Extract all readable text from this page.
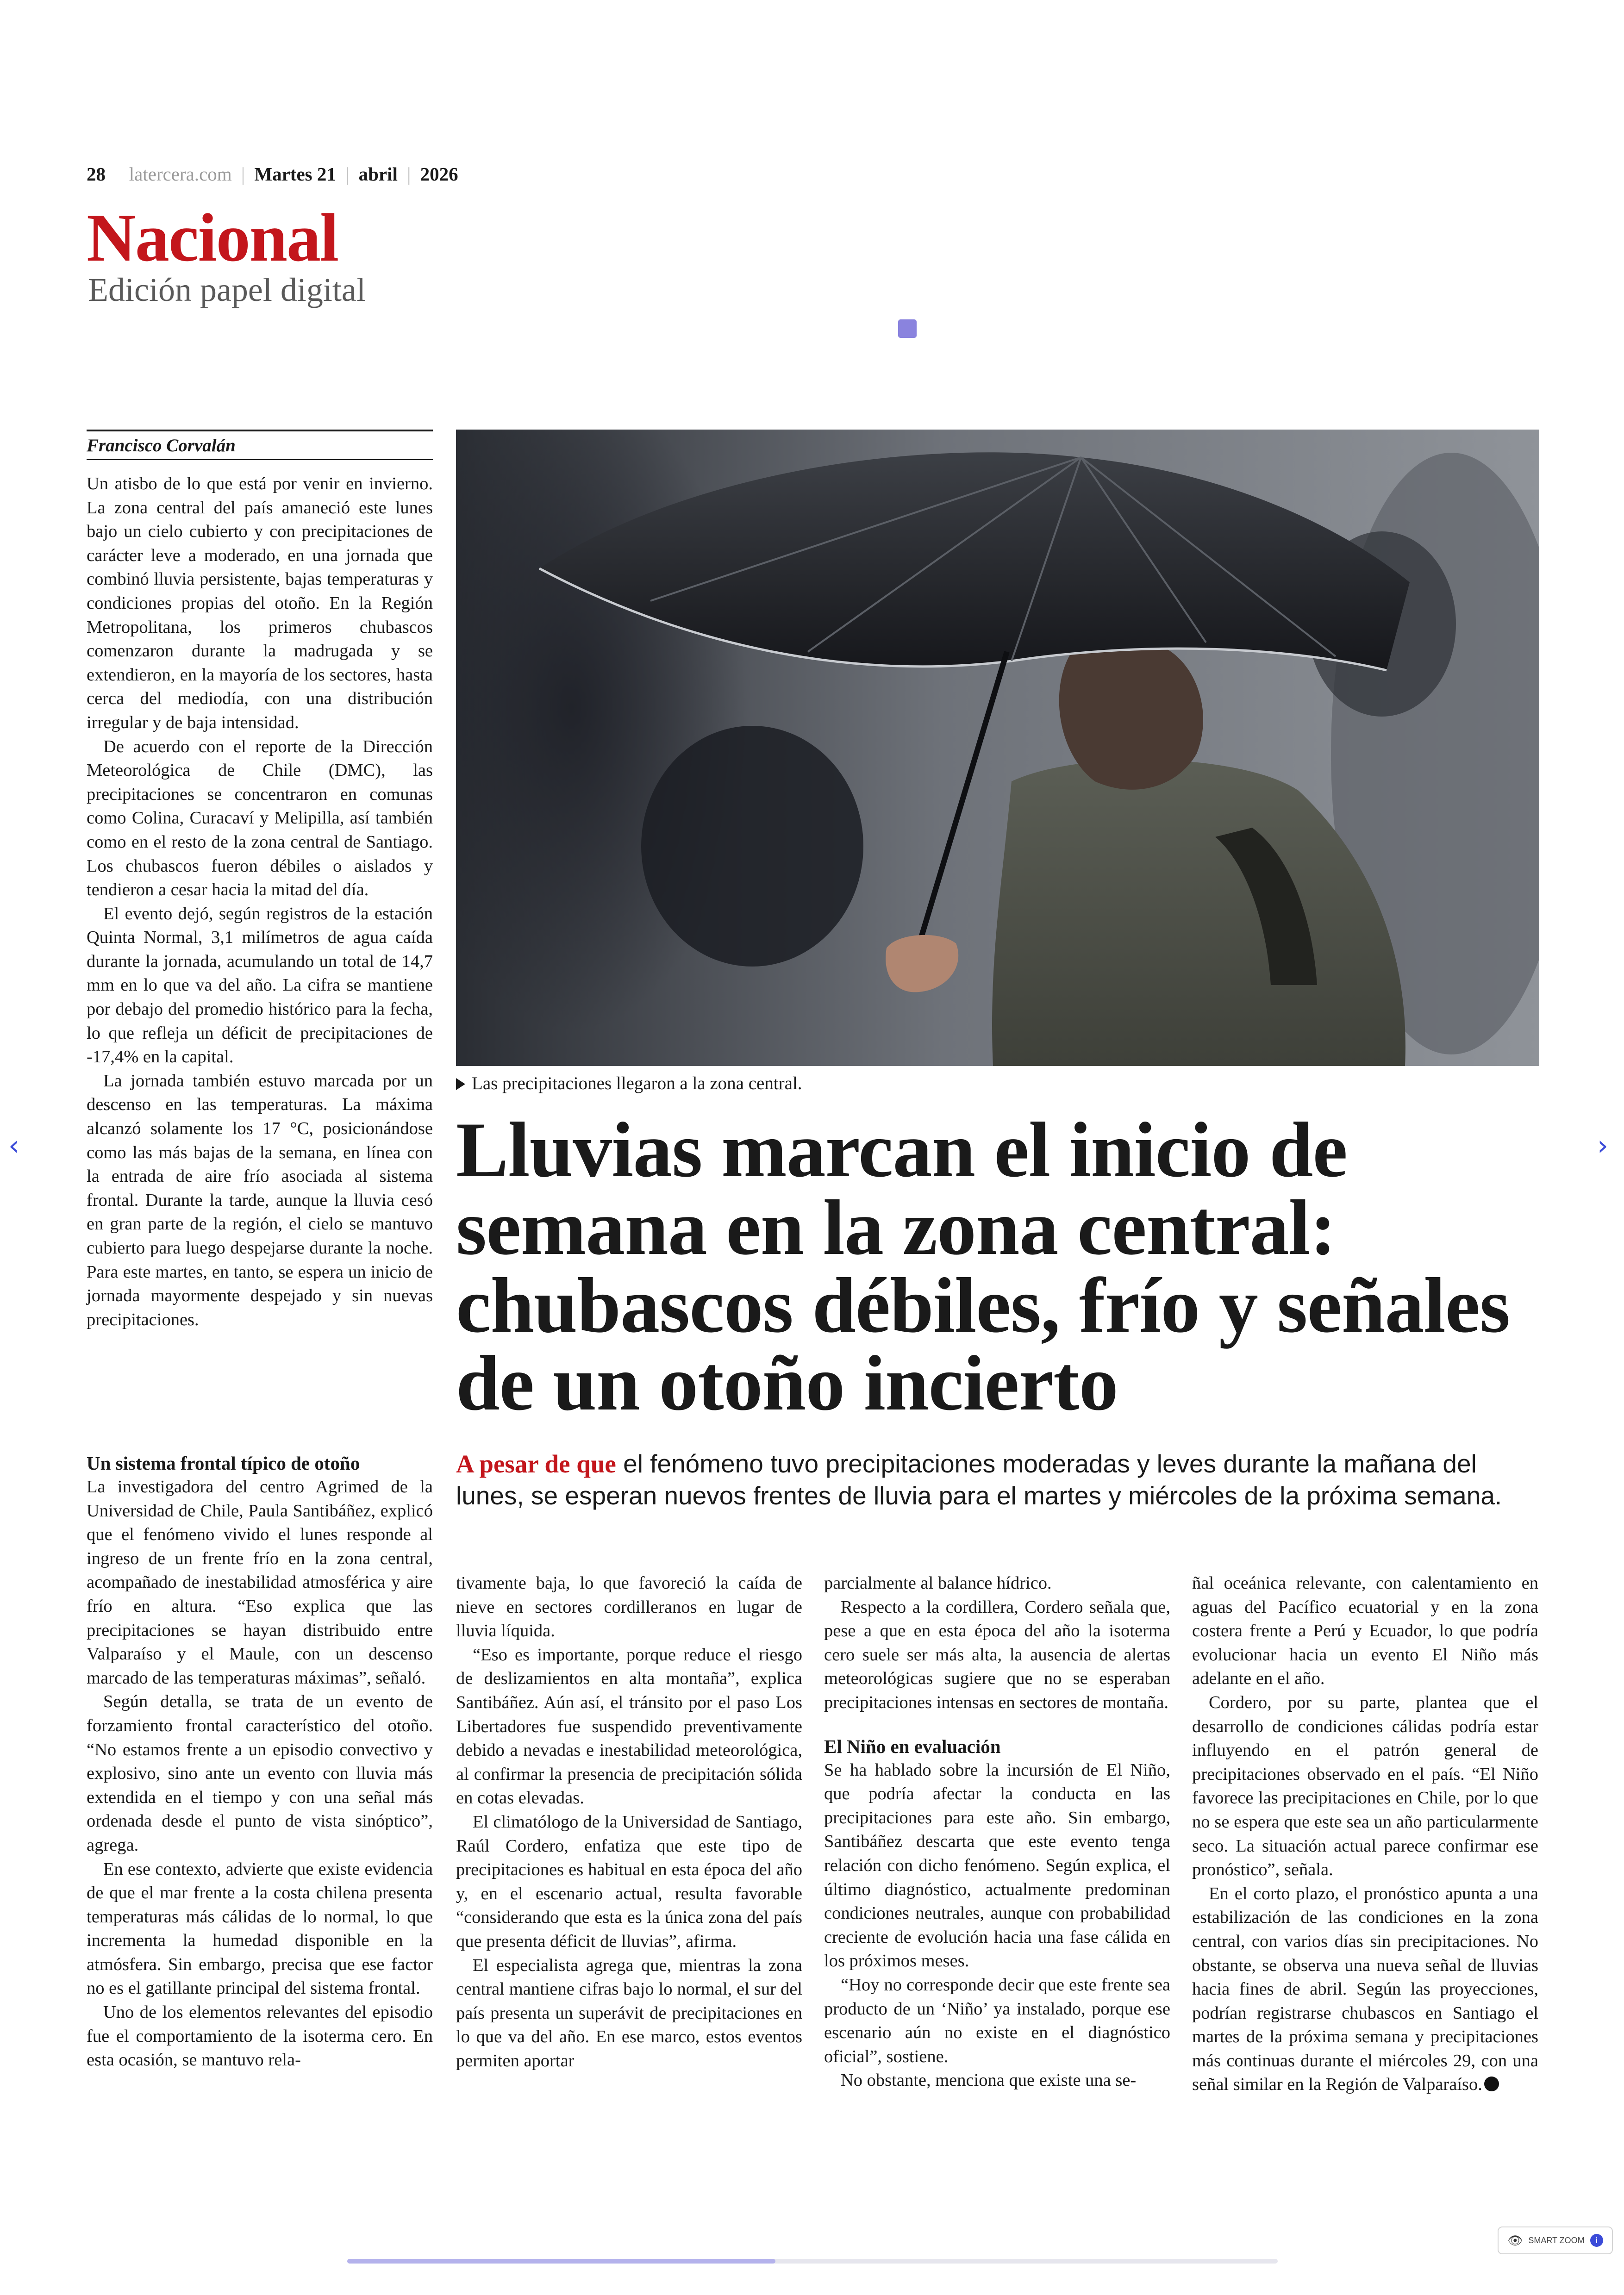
28 latercera.com | Martes 21 | abril | 2026
Nacional
Edición papel digital
Francisco Corvalán

Un atisbo de lo que está por venir en invierno. La zona central del país amaneció este lunes bajo un cielo cubierto y con precipitaciones de carácter leve a moderado, en una jornada que combinó lluvia persistente, bajas temperaturas y condiciones propias del otoño. En la Región Metropolitana, los primeros chubascos comenzaron durante la madrugada y se extendieron, en la mayoría de los sectores, hasta cerca del mediodía, con una distribución irregular y de baja intensidad.

De acuerdo con el reporte de la Dirección Meteorológica de Chile (DMC), las precipitaciones se concentraron en comunas como Colina, Curacaví y Melipilla, así también como en el resto de la zona central de Santiago. Los chubascos fueron débiles o aislados y tendieron a cesar hacia la mitad del día.

El evento dejó, según registros de la estación Quinta Normal, 3,1 milímetros de agua caída durante la jornada, acumulando un total de 14,7 mm en lo que va del año. La cifra se mantiene por debajo del promedio histórico para la fecha, lo que refleja un déficit de precipitaciones de -17,4% en la capital.

La jornada también estuvo marcada por un descenso en las temperaturas. La máxima alcanzó solamente los 17 °C, posicionándose como las más bajas de la semana, en línea con la entrada de aire frío asociada al sistema frontal. Durante la tarde, aunque la lluvia cesó en gran parte de la región, el cielo se mantuvo cubierto para luego despejarse durante la noche. Para este martes, en tanto, se espera un inicio de jornada mayormente despejado y sin nuevas precipitaciones.

Un sistema frontal típico de otoño

La investigadora del centro Agrimed de la Universidad de Chile, Paula Santibáñez, explicó que el fenómeno vivido el lunes responde al ingreso de un frente frío en la zona central, acompañado de inestabilidad atmosférica y aire frío en altura. “Eso explica que las precipitaciones se hayan distribuido entre Valparaíso y el Maule, con un descenso marcado de las temperaturas máximas”, señaló.

Según detalla, se trata de un evento de forzamiento frontal característico del otoño. “No estamos frente a un episodio convectivo y explosivo, sino ante un evento con lluvia más extendida en el tiempo y con una señal más ordenada desde el punto de vista sinóptico”, agrega.

En ese contexto, advierte que existe evidencia de que el mar frente a la costa chilena presenta temperaturas más cálidas de lo normal, lo que incrementa la humedad disponible en la atmósfera. Sin embargo, precisa que ese factor no es el gatillante principal del sistema frontal.

Uno de los elementos relevantes del episodio fue el comportamiento de la isoterma cero. En esta ocasión, se mantuvo rela-

Las precipitaciones llegaron a la zona central.
Lluvias marcan el inicio de semana en la zona central: chubascos débiles, frío y señales de un otoño incierto
A pesar de que el fenómeno tuvo precipitaciones moderadas y leves durante la mañana del lunes, se esperan nuevos frentes de lluvia para el martes y miércoles de la próxima semana.

tivamente baja, lo que favoreció la caída de nieve en sectores cordilleranos en lugar de lluvia líquida.

“Eso es importante, porque reduce el riesgo de deslizamientos en alta montaña”, explica Santibáñez. Aún así, el tránsito por el paso Los Libertadores fue suspendido preventivamente debido a nevadas e inestabilidad meteorológica, al confirmar la presencia de precipitación sólida en cotas elevadas.

El climatólogo de la Universidad de Santiago, Raúl Cordero, enfatiza que este tipo de precipitaciones es habitual en esta época del año y, en el escenario actual, resulta favorable “considerando que esta es la única zona del país que presenta déficit de lluvias”, afirma.

El especialista agrega que, mientras la zona central mantiene cifras bajo lo normal, el sur del país presenta un superávit de precipitaciones en lo que va del año. En ese marco, estos eventos permiten aportar

parcialmente al balance hídrico.

Respecto a la cordillera, Cordero señala que, pese a que en esta época del año la isoterma cero suele ser más alta, la ausencia de alertas meteorológicas sugiere que no se esperaban precipitaciones intensas en sectores de montaña.

El Niño en evaluación

Se ha hablado sobre la incursión de El Niño, que podría afectar la conducta en las precipitaciones para este año. Sin embargo, Santibáñez descarta que este evento tenga relación con dicho fenómeno. Según explica, el último diagnóstico, actualmente predominan condiciones neutrales, aunque con probabilidad creciente de evolución hacia una fase cálida en los próximos meses.

“Hoy no corresponde decir que este frente sea producto de un ‘Niño’ ya instalado, porque ese escenario aún no existe en el diagnóstico oficial”, sostiene.

No obstante, menciona que existe una se-

ñal oceánica relevante, con calentamiento en aguas del Pacífico ecuatorial y en la zona costera frente a Perú y Ecuador, lo que podría evolucionar hacia un evento El Niño más adelante en el año.

Cordero, por su parte, plantea que el desarrollo de condiciones cálidas podría estar influyendo en el patrón general de precipitaciones observado en el país. “El Niño favorece las precipitaciones en Chile, por lo que no se espera que este sea un año particularmente seco. La situación actual parece confirmar ese pronóstico”, señala.

En el corto plazo, el pronóstico apunta a una estabilización de las condiciones en la zona central, con varios días sin precipitaciones. No obstante, se observa una nueva señal de lluvias hacia fines de abril. Según las proyecciones, podrían registrarse chubascos en Santiago el martes de la próxima semana y precipitaciones más continuas durante el miércoles 29, con una señal similar en la Región de Valparaíso.

‹	›
👁 SMART ZOOM	i
